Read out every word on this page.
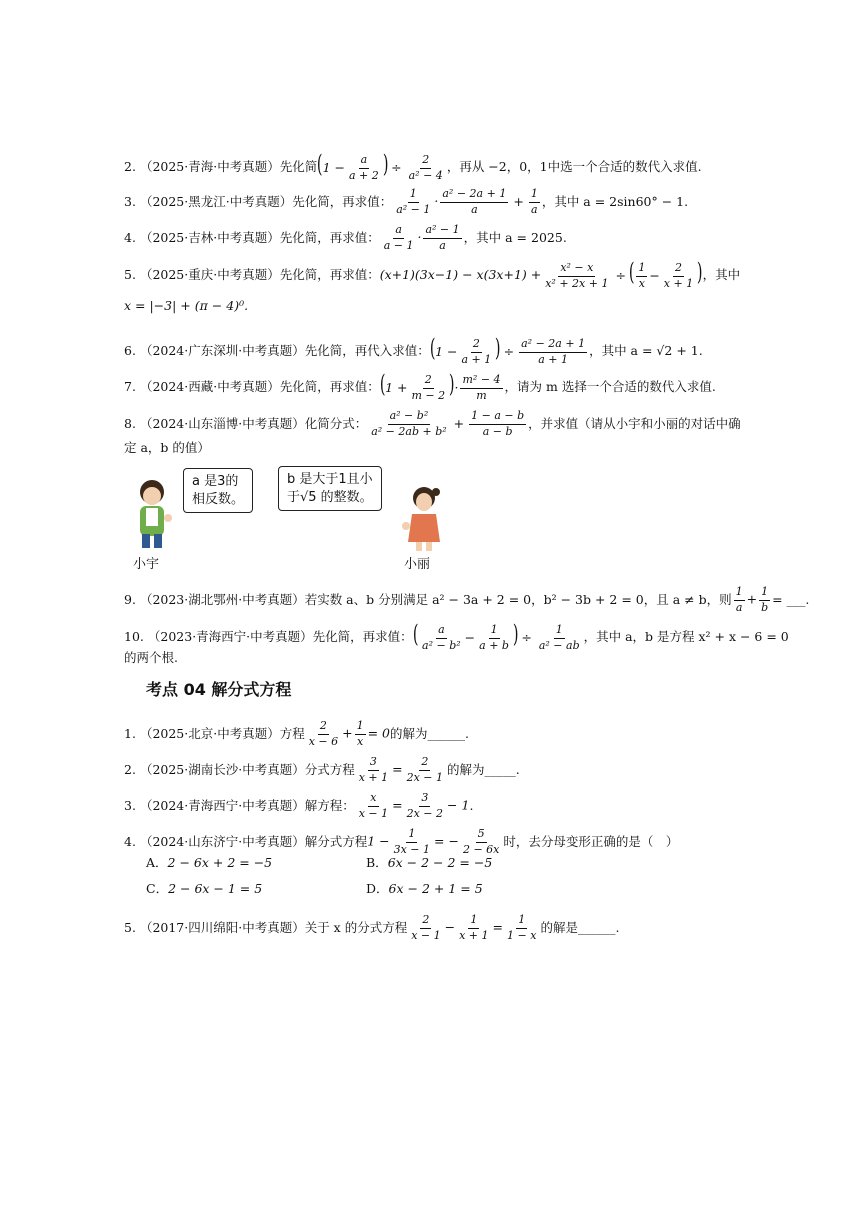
2. （2025·青海·中考真题）先化简 ($1 - \frac{a}{a + 2}$ ) ÷ $\frac{2}{\text{a² − 4}}$ ，再从 −2，0，1中选一个合适的数代入求值.
3. （2025·黑龙江·中考真题）先化简，再求值： $\frac{1}{\text{a² − 1}} \cdot \frac{\text{a² − 2a + 1}}{a} + \frac{1}{a}$ ，其中 a = 2sin60° − 1.
4. （2025·吉林·中考真题）先化简，再求值： $\frac{a}{a - 1} \cdot \frac{\text{a² − 1}}{a}$ ，其中 a = 2025.
5. （2025·重庆·中考真题）先化简，再求值： $(x+1)(3x-1) - x(3x+1) + \frac{\text{x² − x}}{\text{x² + 2x + 1}}$ ÷ ( $\frac{1}{x} - \frac{2}{x + 1}$ ) ，其中
x = |−3| + (π − 4)⁰.
6. （2024·广东深圳·中考真题）先化简，再代入求值： ($1 - \frac{2}{a + 1}$ ) ÷ $\frac{\text{a² − 2a + 1}}{a + 1}$ ，其中 a = √2 + 1.
7. （2024·西藏·中考真题）先化简，再求值： ($1 + \frac{2}{m - 2}$ )· $\frac{\text{m² − 4}}{m}$ ，请为 m 选择一个合适的数代入求值.
8. （2024·山东淄博·中考真题）化简分式： $\frac{\text{a² − b²}}{\text{a² − 2ab + b²}} + \frac{1 - a - b}{a - b}$ ，并求值（请从小宇和小丽的对话中确
定 a，b 的值）
a 是3的
相反数。
小宇
b 是大于1且小
于√5 的整数。
小丽
9. （2023·湖北鄂州·中考真题）若实数 a、b 分别满足 a² − 3a + 2 = 0，b² − 3b + 2 = 0，且 a ≠ b，则 $\frac{1}{a} + \frac{1}{b}$ = ___.
10. （2023·青海西宁·中考真题）先化简，再求值： ( $\frac{a}{\text{a² − b²}} - \frac{1}{a + b}$ ) ÷ $\frac{1}{\text{a² − ab}}$ ，其中 a，b 是方程 x² + x − 6 = 0
的两个根.
考点 04 解分式方程
1. （2025·北京·中考真题）方程 $\frac{2}{x - 6} + \frac{1}{x} = 0$ 的解为______.
2. （2025·湖南长沙·中考真题）分式方程 $\frac{3}{x + 1} = \frac{2}{2x - 1}$ 的解为_____.
3. （2024·青海西宁·中考真题）解方程： $\frac{x}{x - 1} = \frac{3}{2x - 2} - 1$ .
4. （2024·山东济宁·中考真题）解分式方程 $1 - \frac{1}{3x - 1}$ = − $\frac{5}{2 - 6x}$ 时，去分母变形正确的是（　）
A． 2 − 6x + 2 = −5	B． 6x − 2 − 2 = −5
C． 2 − 6x − 1 = 5	D． 6x − 2 + 1 = 5
5. （2017·四川绵阳·中考真题）关于 x 的分式方程 $\frac{2}{x - 1} - \frac{1}{x + 1} = \frac{1}{1 - x}$ 的解是______.
